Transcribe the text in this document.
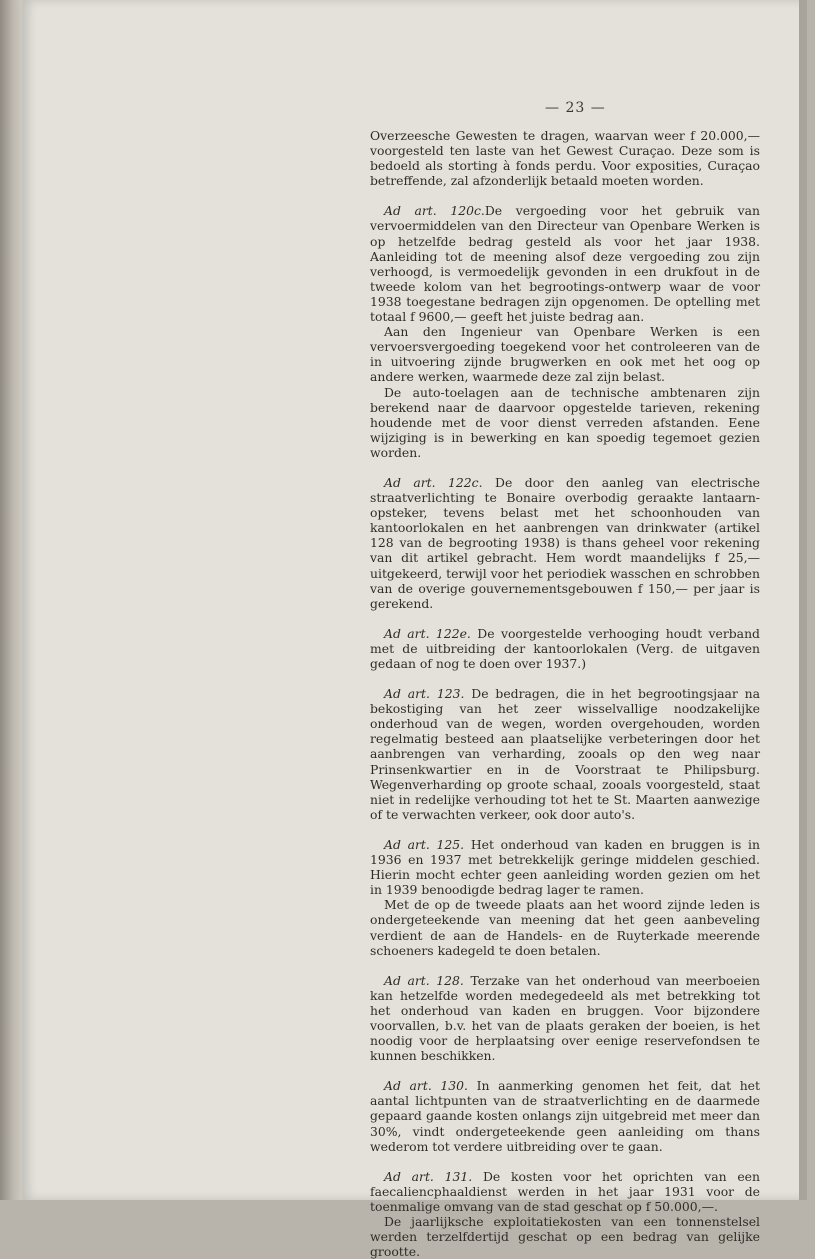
— 23 —

Overzeesche Gewesten te dragen, waarvan weer f 20.000,— voorgesteld ten laste van het Gewest Curaçao. Deze som is bedoeld als storting à fonds perdu. Voor exposities, Curaçao betreffende, zal afzonderlijk betaald moeten worden.

Ad art. 120c.De vergoeding voor het gebruik van vervoermiddelen van den Directeur van Openbare Werken is op hetzelfde bedrag gesteld als voor het jaar 1938. Aanleiding tot de meening alsof deze vergoeding zou zijn verhoogd, is vermoedelijk gevonden in een drukfout in de tweede kolom van het begrootings-ontwerp waar de voor 1938 toegestane bedragen zijn opgenomen. De optelling met totaal f 9600,— geeft het juiste bedrag aan.

Aan den Ingenieur van Openbare Werken is een vervoersvergoeding toegekend voor het controleeren van de in uitvoering zijnde brugwerken en ook met het oog op andere werken, waarmede deze zal zijn belast.

De auto-toelagen aan de technische ambtenaren zijn berekend naar de daarvoor opgestelde tarieven, rekening houdende met de voor dienst verreden afstanden. Eene wijziging is in bewerking en kan spoedig tegemoet gezien worden.

Ad art. 122c. De door den aanleg van electrische straatverlichting te Bonaire overbodig geraakte lantaarn-opsteker, tevens belast met het schoonhouden van kantoorlokalen en het aanbrengen van drinkwater (artikel 128 van de begrooting 1938) is thans geheel voor rekening van dit artikel gebracht. Hem wordt maandelijks f 25,— uitgekeerd, terwijl voor het periodiek wasschen en schrobben van de overige gouvernementsgebouwen f 150,— per jaar is gerekend.

Ad art. 122e. De voorgestelde verhooging houdt verband met de uitbreiding der kantoorlokalen (Verg. de uitgaven gedaan of nog te doen over 1937.)

Ad art. 123. De bedragen, die in het begrootingsjaar na bekostiging van het zeer wisselvallige noodzakelijke onderhoud van de wegen, worden overgehouden, worden regelmatig besteed aan plaatselijke verbeteringen door het aanbrengen van verharding, zooals op den weg naar Prinsenkwartier en in de Voorstraat te Philipsburg. Wegenverharding op groote schaal, zooals voorgesteld, staat niet in redelijke verhouding tot het te St. Maarten aanwezige of te verwachten verkeer, ook door auto's.

Ad art. 125. Het onderhoud van kaden en bruggen is in 1936 en 1937 met betrekkelijk geringe middelen geschied. Hierin mocht echter geen aanleiding worden gezien om het in 1939 benoodigde bedrag lager te ramen.

Met de op de tweede plaats aan het woord zijnde leden is ondergeteekende van meening dat het geen aanbeveling verdient de aan de Handels- en de Ruyterkade meerende schoeners kadegeld te doen betalen.

Ad art. 128. Terzake van het onderhoud van meerboeien kan hetzelfde worden medegedeeld als met betrekking tot het onderhoud van kaden en bruggen. Voor bijzondere voorvallen, b.v. het van de plaats geraken der boeien, is het noodig voor de herplaatsing over eenige reservefondsen te kunnen beschikken.

Ad art. 130. In aanmerking genomen het feit, dat het aantal lichtpunten van de straatverlichting en de daarmede gepaard gaande kosten onlangs zijn uitgebreid met meer dan 30%, vindt ondergeteekende geen aanleiding om thans wederom tot verdere uitbreiding over te gaan.

Ad art. 131. De kosten voor het oprichten van een faecaliencphaaldienst werden in het jaar 1931 voor de toenmalige omvang van de stad geschat op f 50.000,—.

De jaarlijksche exploitatiekosten van een tonnenstelsel werden terzelfdertijd geschat op een bedrag van gelijke grootte.
